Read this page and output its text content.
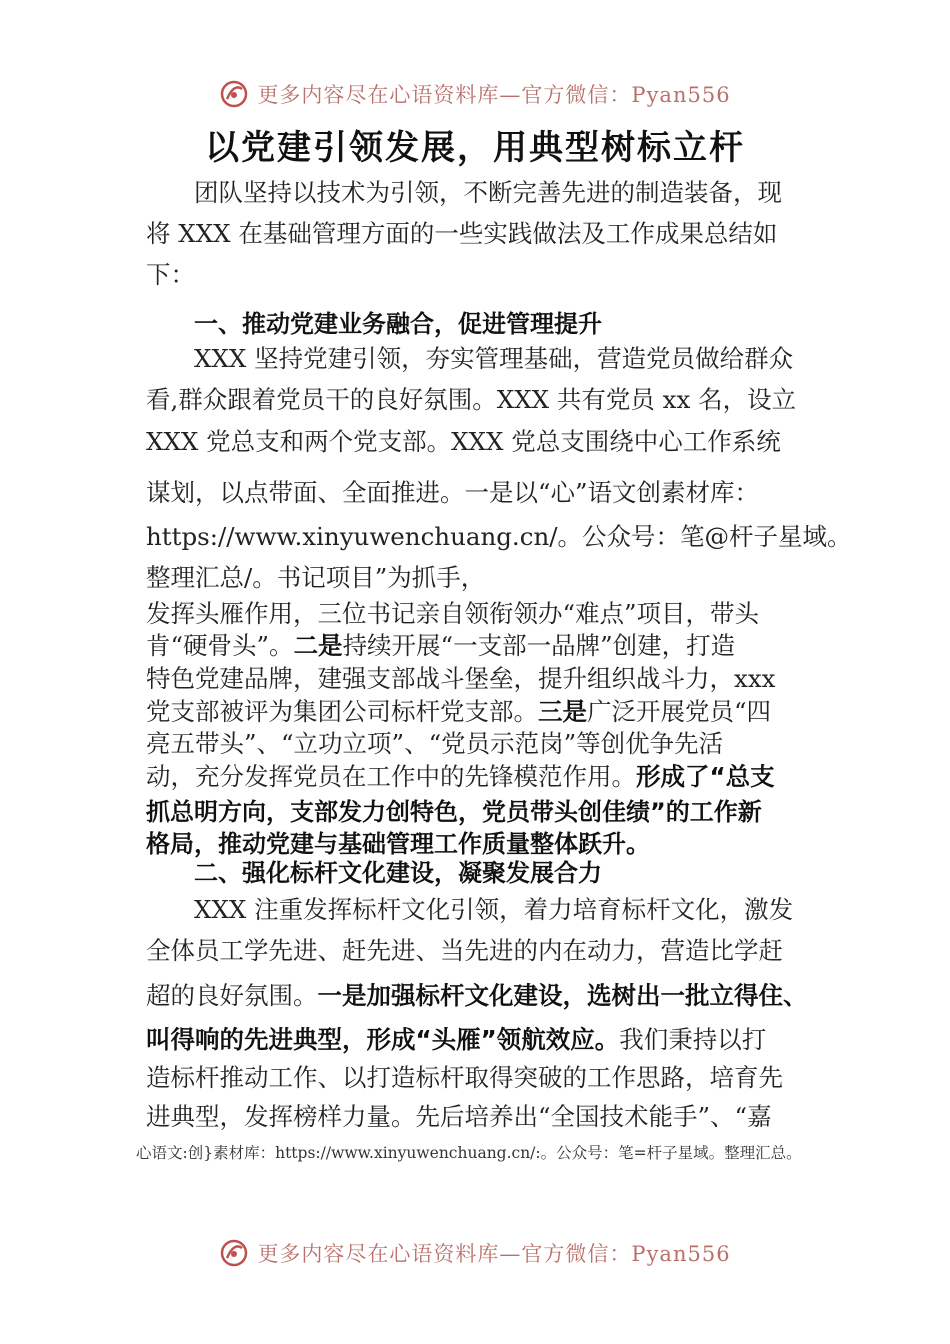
更多内容尽在心语资料库—官方微信：Pyan556
以党建引领发展，用典型树标立杆
团队坚持以技术为引领，不断完善先进的制造装备，现
将 XXX 在基础管理方面的一些实践做法及工作成果总结如
下：
一、推动党建业务融合，促进管理提升
XXX 坚持党建引领，夯实管理基础，营造党员做给群众
看,群众跟着党员干的良好氛围。XXX 共有党员 xx 名，设立
XXX 党总支和两个党支部。XXX 党总支围绕中心工作系统
谋划，以点带面、全面推进。一是以“心”语文创素材库：
https://www.xinyuwenchuang.cn/。公众号：笔@杆子星域。
整理汇总/。书记项目”为抓手，
发挥头雁作用，三位书记亲自领衔领办“难点”项目，带头
肯“硬骨头”。二是持续开展“一支部一品牌”创建，打造
特色党建品牌，建强支部战斗堡垒，提升组织战斗力，xxx
党支部被评为集团公司标杆党支部。三是广泛开展党员“四
亮五带头”、“立功立项”、“党员示范岗”等创优争先活
动，充分发挥党员在工作中的先锋模范作用。形成了“总支
抓总明方向，支部发力创特色，党员带头创佳绩”的工作新
格局，推动党建与基础管理工作质量整体跃升。
二、强化标杆文化建设，凝聚发展合力
XXX 注重发挥标杆文化引领，着力培育标杆文化，激发
全体员工学先进、赶先进、当先进的内在动力，营造比学赶
超的良好氛围。一是加强标杆文化建设，选树出一批立得住、
叫得响的先进典型，形成“头雁”领航效应。我们秉持以打
造标杆推动工作、以打造标杆取得突破的工作思路，培育先
进典型，发挥榜样力量。先后培养出“全国技术能手”、“嘉
心语文:创}素材库：https://www.xinyuwenchuang.cn/:。公众号：笔=杆子星域。整理汇总。
更多内容尽在心语资料库—官方微信：Pyan556
